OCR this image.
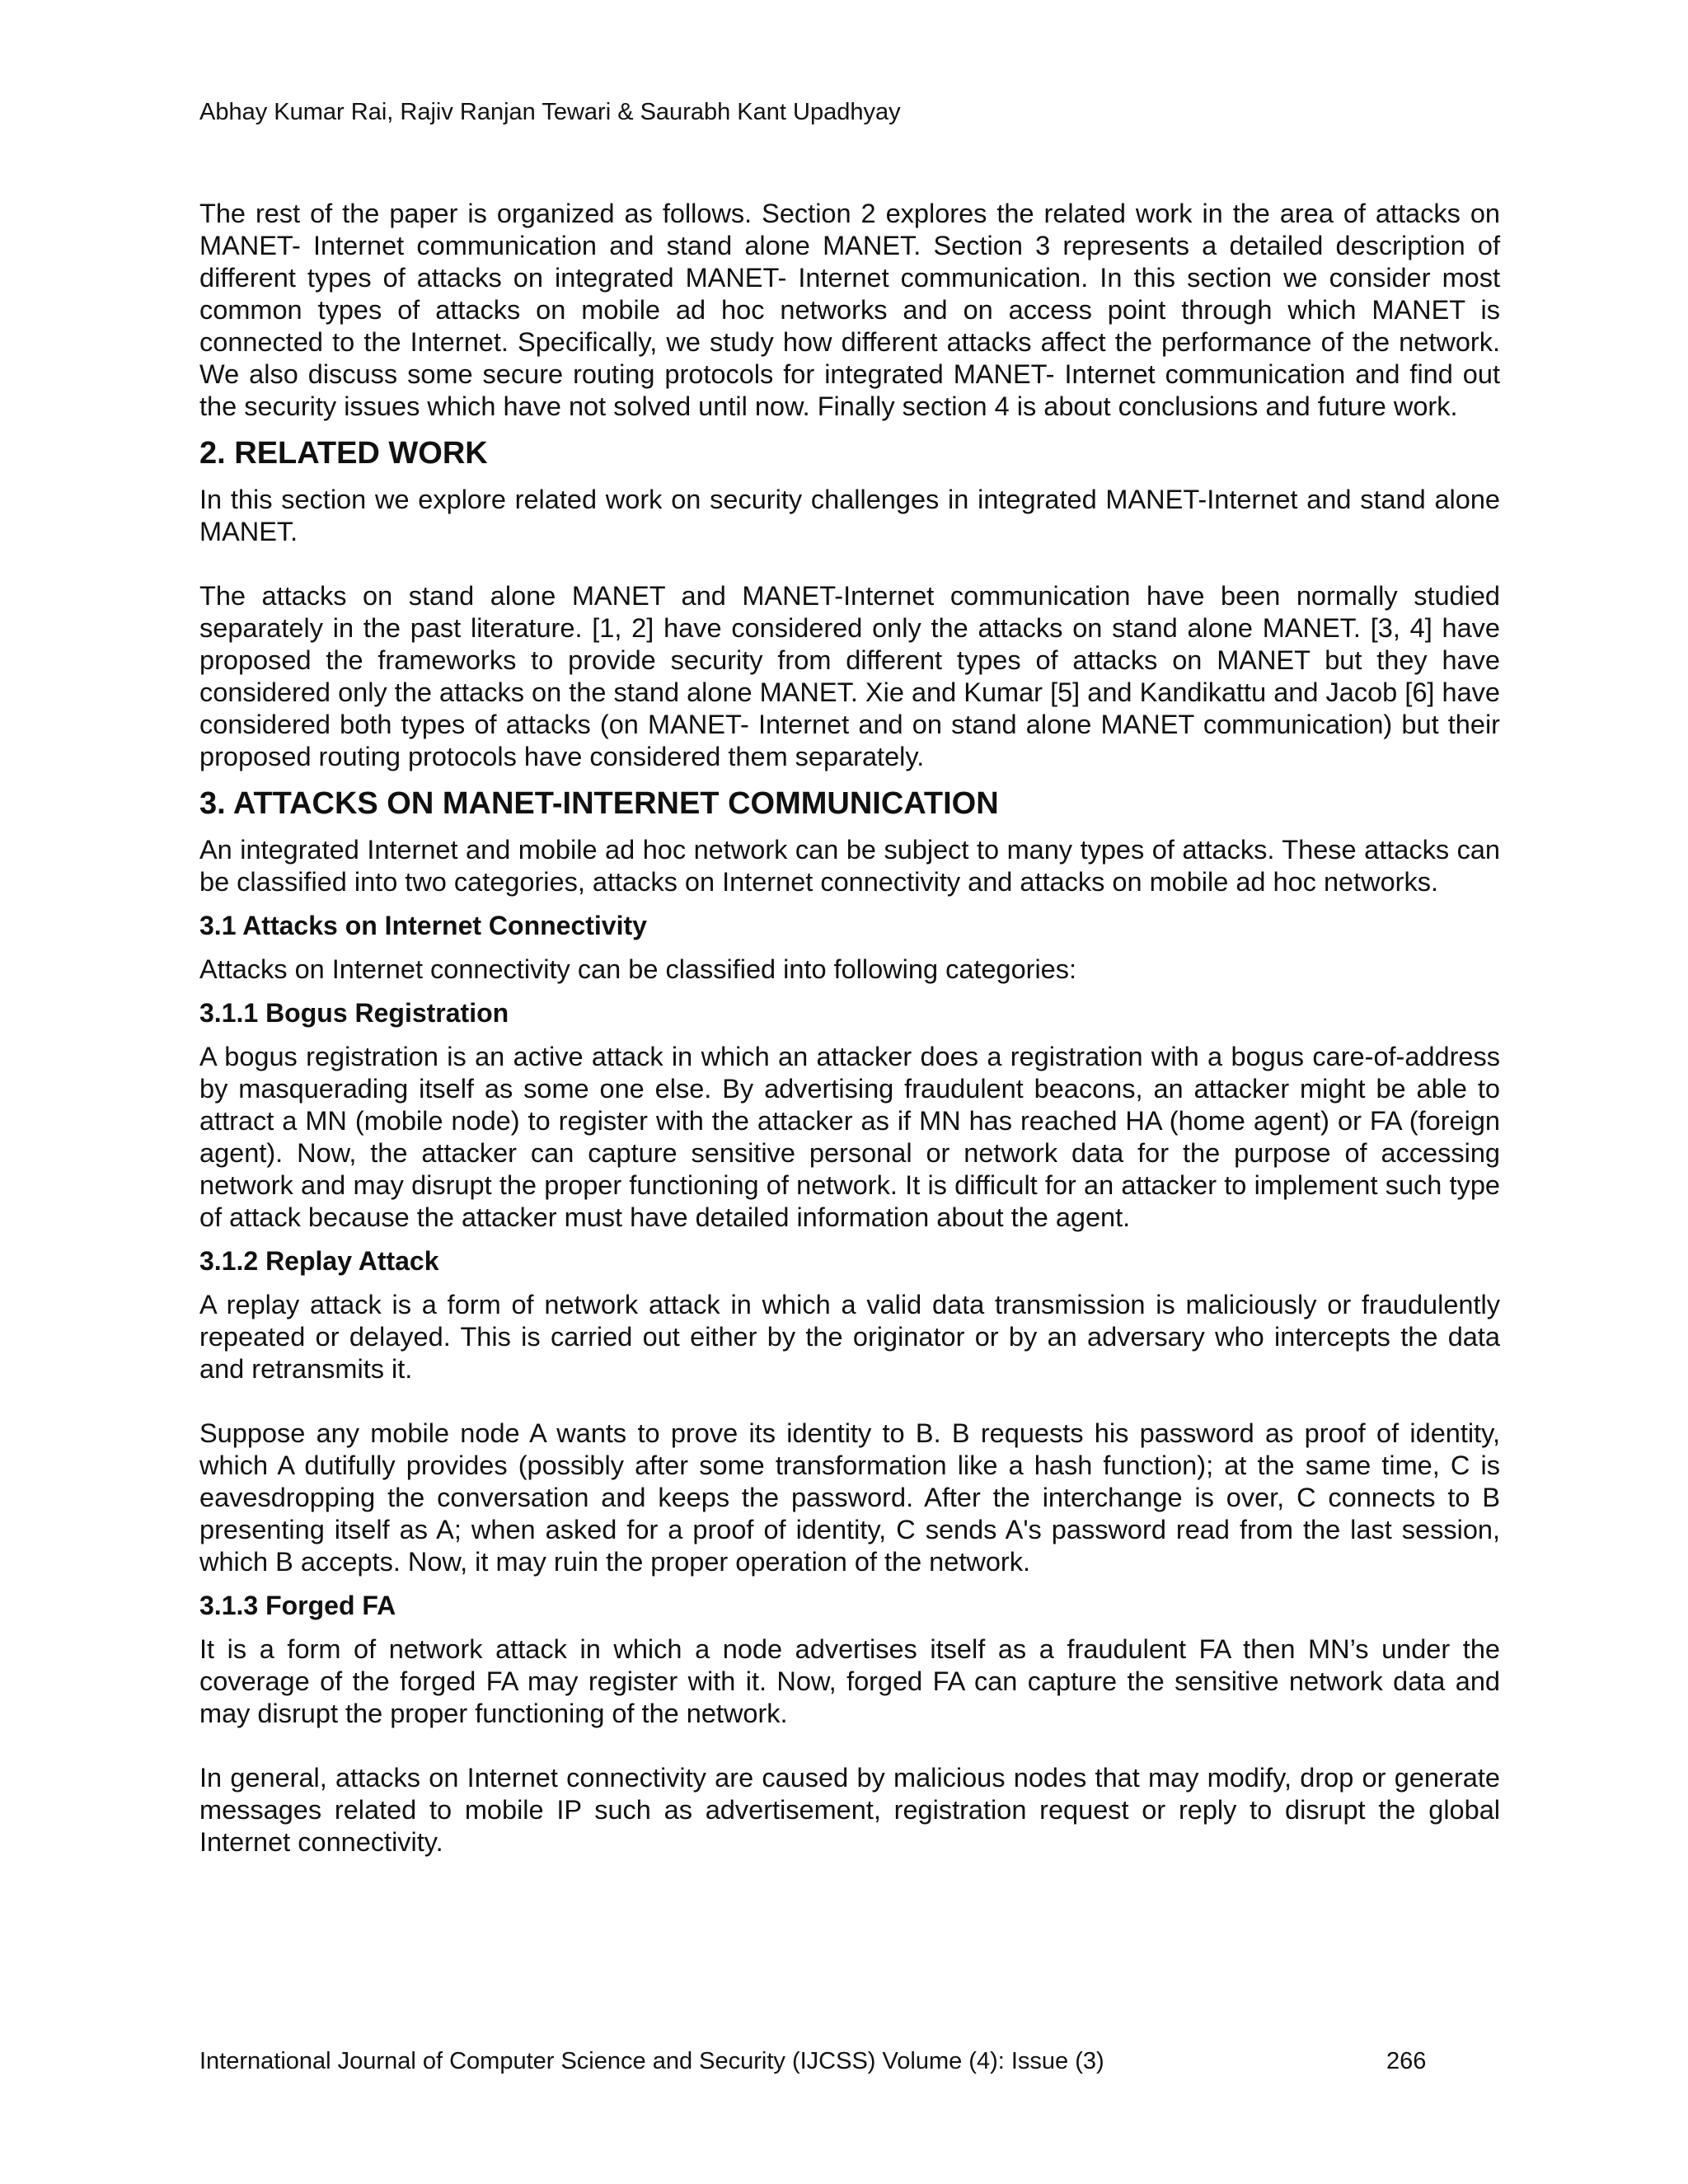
Abhay Kumar Rai, Rajiv Ranjan Tewari & Saurabh Kant Upadhyay

The rest of the paper is organized as follows. Section 2 explores the related work in the area of attacks on MANET- Internet communication and stand alone MANET. Section 3 represents a detailed description of different types of attacks on integrated MANET- Internet communication. In this section we consider most common types of attacks on mobile ad hoc networks and on access point through which MANET is connected to the Internet. Specifically, we study how different attacks affect the performance of the network. We also discuss some secure routing protocols for integrated MANET- Internet communication and find out the security issues which have not solved until now. Finally section 4 is about conclusions and future work.

2. RELATED WORK

In this section we explore related work on security challenges in integrated MANET-Internet and stand alone MANET.

The attacks on stand alone MANET and MANET-Internet communication have been normally studied separately in the past literature. [1, 2] have considered only the attacks on stand alone MANET. [3, 4] have proposed the frameworks to provide security from different types of attacks on MANET but they have considered only the attacks on the stand alone MANET. Xie and Kumar [5] and Kandikattu and Jacob [6] have considered both types of attacks (on MANET- Internet and on stand alone MANET communication) but their proposed routing protocols have considered them separately.

3. ATTACKS ON MANET-INTERNET COMMUNICATION

An integrated Internet and mobile ad hoc network can be subject to many types of attacks. These attacks can be classified into two categories, attacks on Internet connectivity and attacks on mobile ad hoc networks.

3.1 Attacks on Internet Connectivity

Attacks on Internet connectivity can be classified into following categories:

3.1.1 Bogus Registration

A bogus registration is an active attack in which an attacker does a registration with a bogus care-of-address by masquerading itself as some one else. By advertising fraudulent beacons, an attacker might be able to attract a MN (mobile node) to register with the attacker as if MN has reached HA (home agent) or FA (foreign agent). Now, the attacker can capture sensitive personal or network data for the purpose of accessing network and may disrupt the proper functioning of network. It is difficult for an attacker to implement such type of attack because the attacker must have detailed information about the agent.

3.1.2 Replay Attack

A replay attack is a form of network attack in which a valid data transmission is maliciously or fraudulently repeated or delayed. This is carried out either by the originator or by an adversary who intercepts the data and retransmits it.

Suppose any mobile node A wants to prove its identity to B. B requests his password as proof of identity, which A dutifully provides (possibly after some transformation like a hash function); at the same time, C is eavesdropping the conversation and keeps the password. After the interchange is over, C connects to B presenting itself as A; when asked for a proof of identity, C sends A's password read from the last session, which B accepts. Now, it may ruin the proper operation of the network.

3.1.3 Forged FA

It is a form of network attack in which a node advertises itself as a fraudulent FA then MN’s under the coverage of the forged FA may register with it. Now, forged FA can capture the sensitive network data and may disrupt the proper functioning of the network.

In general, attacks on Internet connectivity are caused by malicious nodes that may modify, drop or generate messages related to mobile IP such as advertisement, registration request or reply to disrupt the global Internet connectivity.

International Journal of Computer Science and Security (IJCSS) Volume (4): Issue (3)	266
